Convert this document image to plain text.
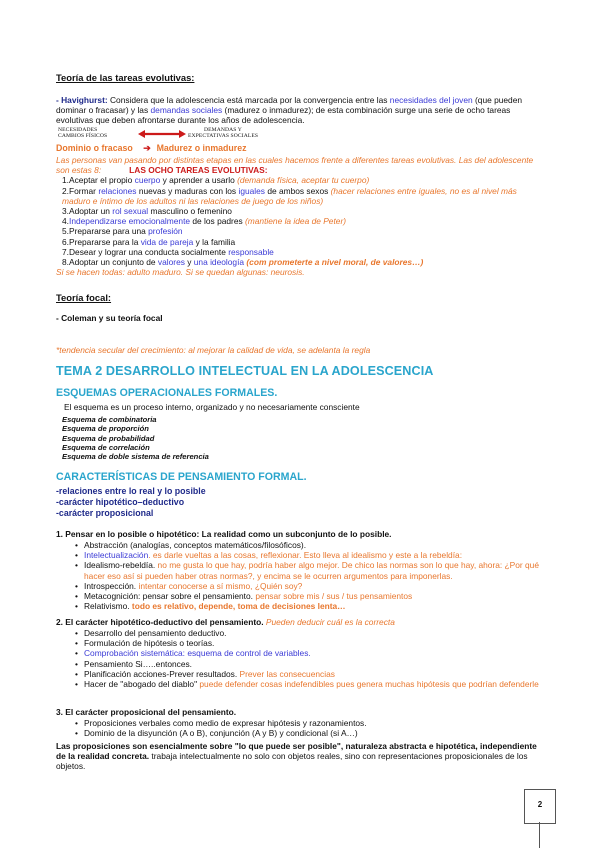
Teoría de las tareas evolutivas:
- Havighurst: Considera que la adolescencia está marcada por la convergencia entre las necesidades del joven (que pueden dominar o fracasar) y las demandas sociales (madurez o inmadurez); de esta combinación surge una serie de ocho tareas evolutivas que deben afrontarse durante los años de adolescencia.
NECESIDADES
CAMBIOS FÍSICOS
DEMANDAS Y
EXPECTATIVAS SOCIALES
Dominio o fracaso ➔ Madurez o inmadurez

Las personas van pasando por distintas etapas en las cuales hacemos frente a diferentes tareas evolutivas. Las del adolescente son estas 8:	LAS OCHO TAREAS EVOLUTIVAS:

1.Aceptar el propio cuerpo y aprender a usarlo (demanda física, aceptar tu cuerpo)

2.Formar relaciones nuevas y maduras con los iguales de ambos sexos (hacer relaciones entre iguales, no es al nivel más maduro e íntimo de los adultos ni las relaciones de juego de los niños)

3.Adoptar un rol sexual masculino o femenino

4.Independizarse emocionalmente de los padres (mantiene la idea de Peter)

5.Prepararse para una profesión

6.Prepararse para la vida de pareja y la familia

7.Desear y lograr una conducta socialmente responsable

8.Adoptar un conjunto de valores y una ideología (com prometerte a nivel moral, de valores…)

Si se hacen todas: adulto maduro. Si se quedan algunas: neurosis.

Teoría focal:
- Coleman y su teoría focal
*tendencia secular del crecimiento: al mejorar la calidad de vida, se adelanta la regla
TEMA 2 DESARROLLO INTELECTUAL EN LA ADOLESCENCIA
ESQUEMAS OPERACIONALES FORMALES.
El esquema es un proceso interno, organizado y no necesariamente consciente
Esquema de combinatoria
Esquema de proporción
Esquema de probabilidad
Esquema de correlación
Esquema de doble sistema de referencia
CARACTERÍSTICAS DE PENSAMIENTO FORMAL.
-relaciones entre lo real y lo posible
-carácter hipotético–deductivo
-carácter proposicional
1. Pensar en lo posible o hipotético: La realidad como un subconjunto de lo posible.
• Abstracción (analogías, conceptos matemáticos/filosóficos).
• Intelectualización. es darle vueltas a las cosas, reflexionar. Esto lleva al idealismo y este a la rebeldía:
• Idealismo-rebeldía. no me gusta lo que hay, podría haber algo mejor. De chico las normas son lo que hay, ahora: ¿Por qué hacer eso así si pueden haber otras normas?, y encima se le ocurren argumentos para imponerlas.
• Introspección. intentar conocerse a sí mismo, ¿Quién soy?
• Metacognición: pensar sobre el pensamiento. pensar sobre mis / sus / tus pensamientos
• Relativismo. todo es relativo, depende, toma de decisiones lenta…
2. El carácter hipotético-deductivo del pensamiento. Pueden deducir cuál es la correcta
• Desarrollo del pensamiento deductivo.
• Formulación de hipótesis o teorías.
• Comprobación sistemática: esquema de control de variables.
• Pensamiento Si…..entonces.
• Planificación acciones-Prever resultados. Prever las consecuencias
• Hacer de "abogado del diablo" puede defender cosas indefendibles pues genera muchas hipótesis que podrían defenderle
3. El carácter proposicional del pensamiento.
• Proposiciones verbales como medio de expresar hipótesis y razonamientos.
• Dominio de la disyunción (A o B), conjunción (A y B) y condicional (si A…)
Las proposiciones son esencialmente sobre "lo que puede ser posible", naturaleza abstracta e hipotética, independiente de la realidad concreta. trabaja intelectualmente no solo con objetos reales, sino con representaciones proposicionales de los objetos.
2
